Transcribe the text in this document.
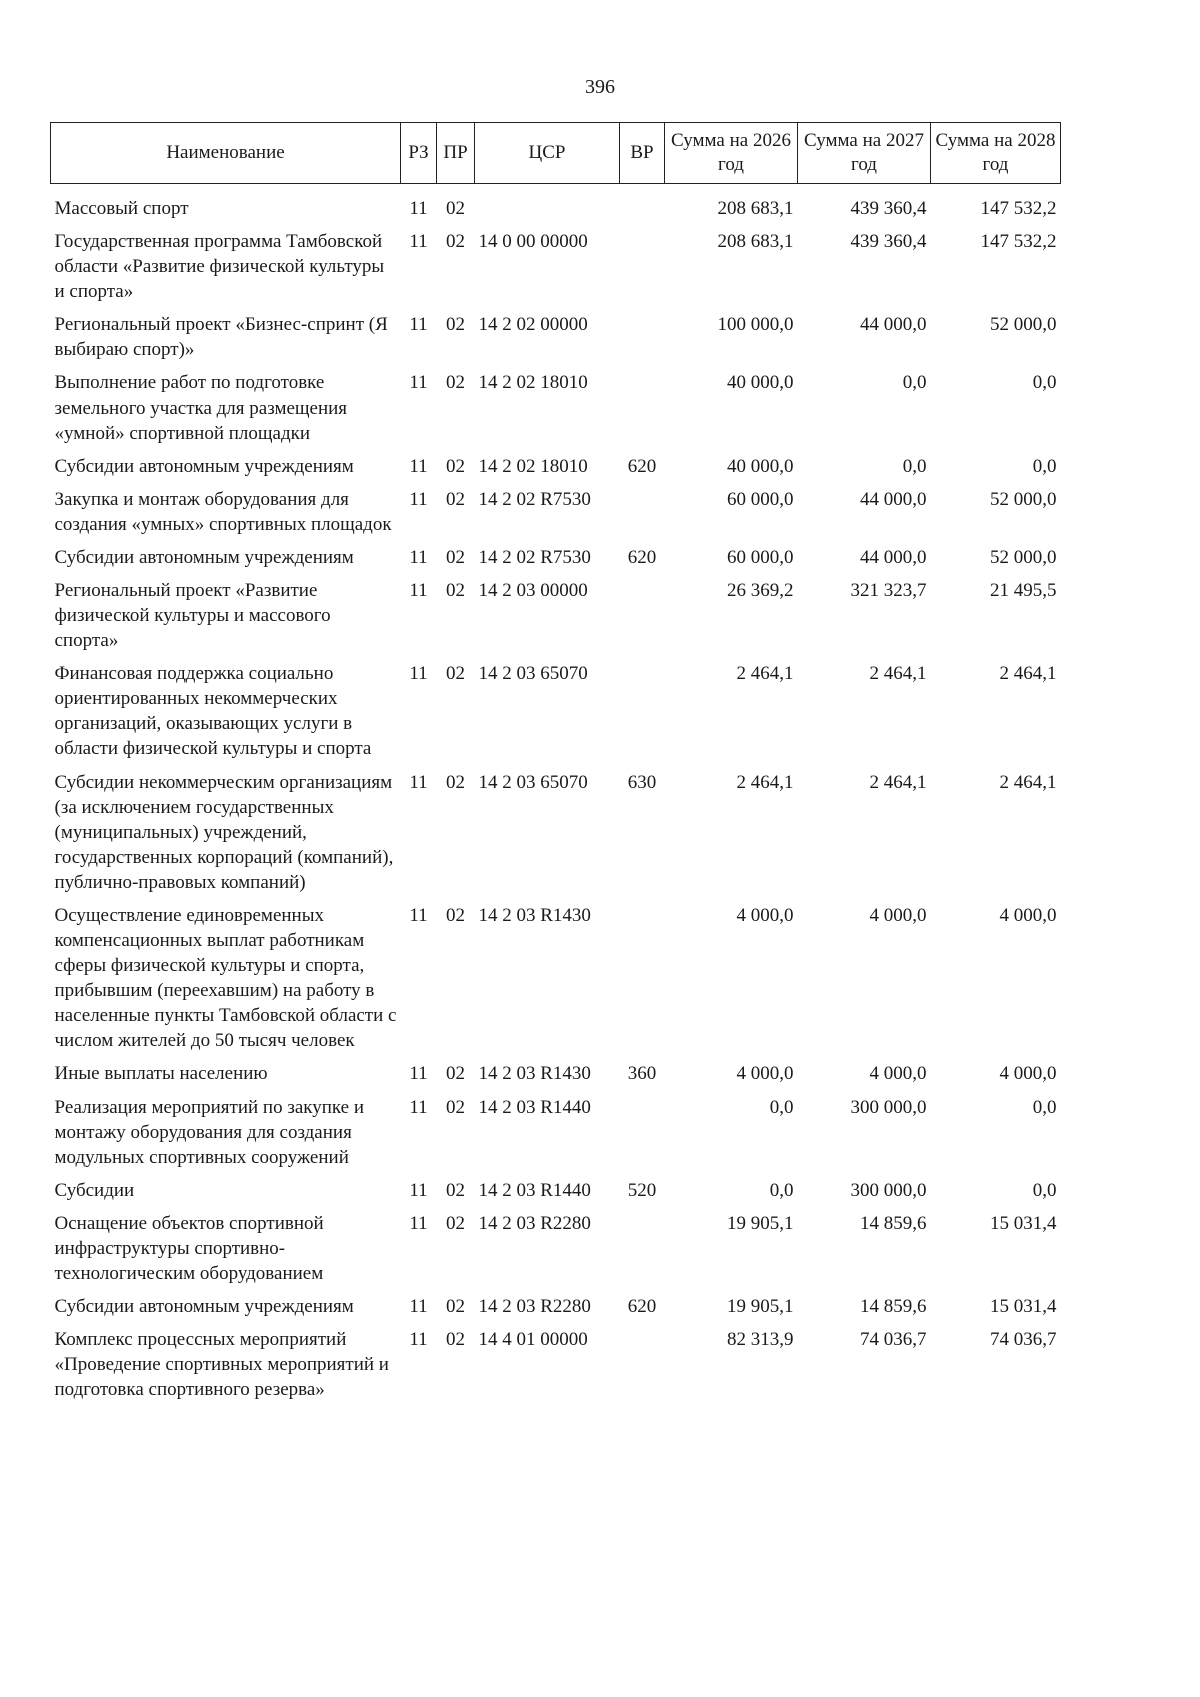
396
Наименование	РЗ	ПР	ЦСР	ВР	Сумма на 2026 год	Сумма на 2027 год	Сумма на 2028 год
Массовый спорт	11	02			208 683,1	439 360,4	147 532,2
Государственная программа Тамбовской области «Развитие физической культуры и спорта»	11	02	14 0 00 00000		208 683,1	439 360,4	147 532,2
Региональный проект «Бизнес-спринт (Я выбираю спорт)»	11	02	14 2 02 00000		100 000,0	44 000,0	52 000,0
Выполнение работ по подготовке земельного участка для размещения «умной» спортивной площадки	11	02	14 2 02 18010		40 000,0	0,0	0,0
Субсидии автономным учреждениям	11	02	14 2 02 18010	620	40 000,0	0,0	0,0
Закупка и монтаж оборудования для создания «умных» спортивных площадок	11	02	14 2 02 R7530		60 000,0	44 000,0	52 000,0
Субсидии автономным учреждениям	11	02	14 2 02 R7530	620	60 000,0	44 000,0	52 000,0
Региональный проект «Развитие физической культуры и массового спорта»	11	02	14 2 03 00000		26 369,2	321 323,7	21 495,5
Финансовая поддержка социально ориентированных некоммерческих организаций, оказывающих услуги в области физической культуры и спорта	11	02	14 2 03 65070		2 464,1	2 464,1	2 464,1
Субсидии некоммерческим организациям (за исключением государственных (муниципальных) учреждений, государственных корпораций (компаний), публично-правовых компаний)	11	02	14 2 03 65070	630	2 464,1	2 464,1	2 464,1
Осуществление единовременных компенсационных выплат работникам сферы физической культуры и спорта, прибывшим (переехавшим) на работу в населенные пункты Тамбовской области с числом жителей до 50 тысяч человек	11	02	14 2 03 R1430		4 000,0	4 000,0	4 000,0
Иные выплаты населению	11	02	14 2 03 R1430	360	4 000,0	4 000,0	4 000,0
Реализация мероприятий по закупке и монтажу оборудования для создания модульных спортивных сооружений	11	02	14 2 03 R1440		0,0	300 000,0	0,0
Субсидии	11	02	14 2 03 R1440	520	0,0	300 000,0	0,0
Оснащение объектов спортивной инфраструктуры спортивно-технологическим оборудованием	11	02	14 2 03 R2280		19 905,1	14 859,6	15 031,4
Субсидии автономным учреждениям	11	02	14 2 03 R2280	620	19 905,1	14 859,6	15 031,4
Комплекс процессных мероприятий «Проведение спортивных мероприятий и подготовка спортивного резерва»	11	02	14 4 01 00000		82 313,9	74 036,7	74 036,7
